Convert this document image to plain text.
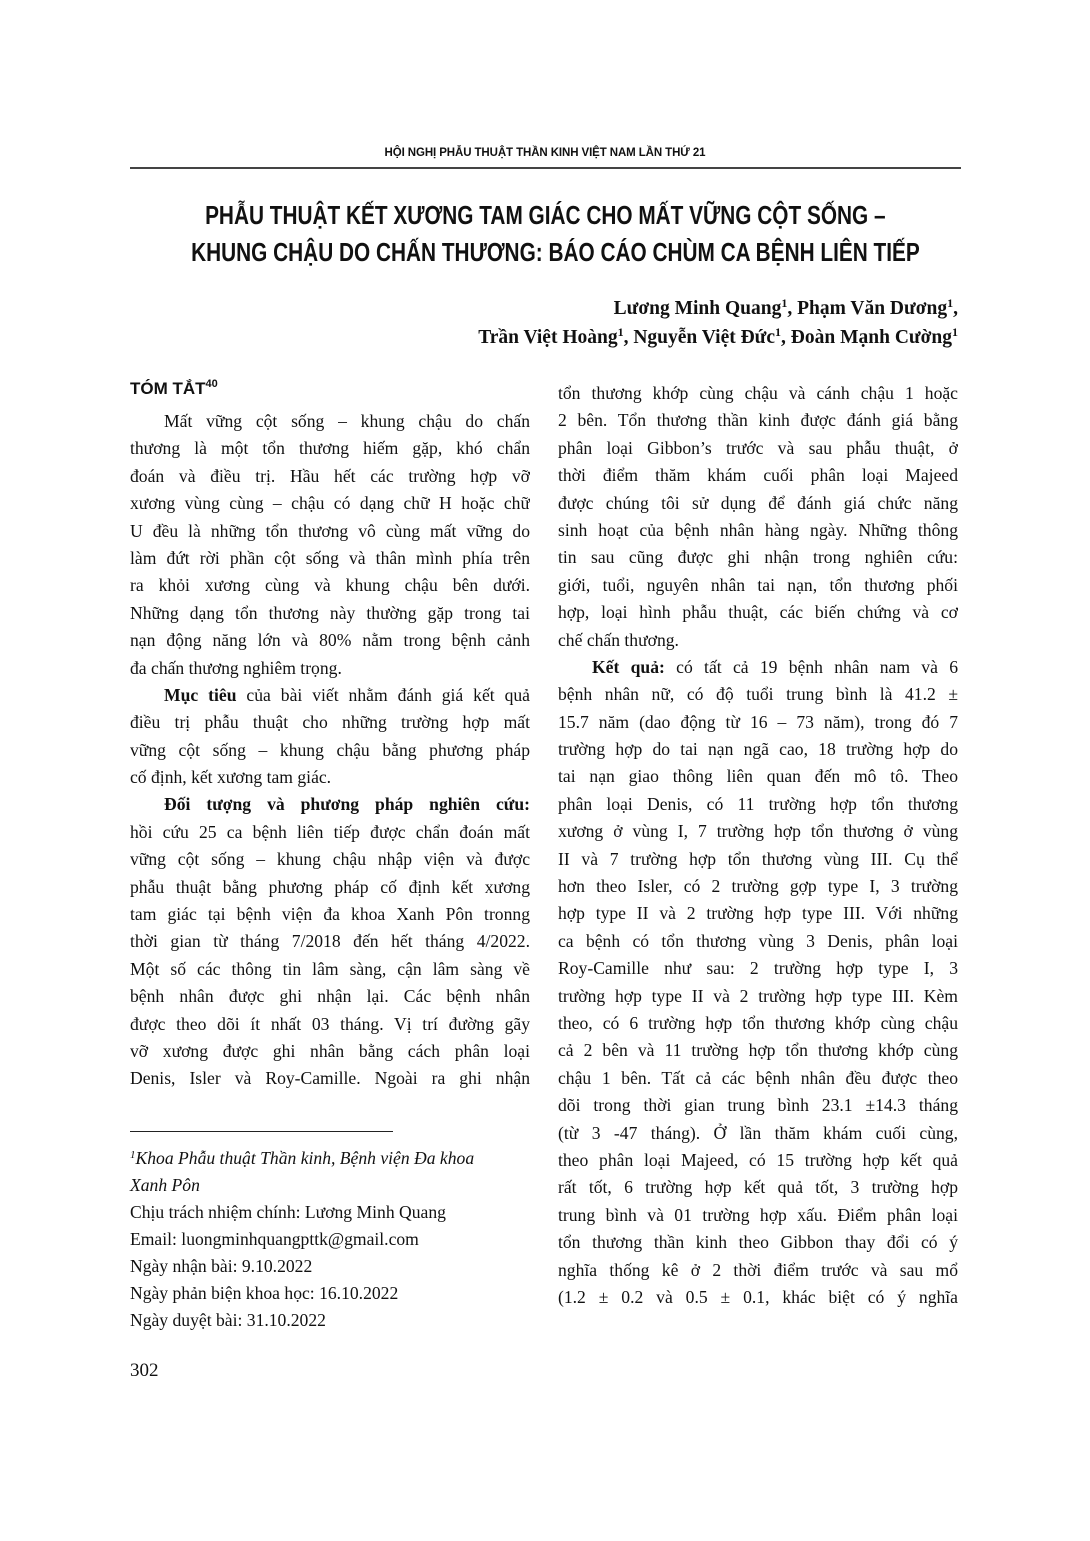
HỘI NGHỊ PHẪU THUẬT THẦN KINH VIỆT NAM LẦN THỨ 21
PHẪU THUẬT KẾT XƯƠNG TAM GIÁC CHO MẤT VỮNG CỘT SỐNG –
KHUNG CHẬU DO CHẤN THƯƠNG: BÁO CÁO CHÙM CA BỆNH LIÊN TIẾP
Lương Minh Quang$^1$, Phạm Văn Dương$^1$,
Trần Việt Hoàng$^1$, Nguyễn Việt Đức$^1$, Đoàn Mạnh Cường$^1$
TÓM TẮT$^{40}$
Mất vững cột sống – khung chậu do chấn
thương là một tổn thương hiếm gặp, khó chẩn
đoán và điều trị. Hầu hết các trường hợp vỡ
xương vùng cùng – chậu có dạng chữ H hoặc chữ
U đều là những tổn thương vô cùng mất vững do
làm đứt rời phần cột sống và thân mình phía trên
ra khỏi xương cùng và khung chậu bên dưới.
Những dạng tổn thương này thường gặp trong tai
nạn động năng lớn và 80% nằm trong bệnh cảnh
đa chấn thương nghiêm trọng.
Mục tiêu của bài viết nhằm đánh giá kết quả
điều trị phẫu thuật cho những trường hợp mất
vững cột sống – khung chậu bằng phương pháp
cố định, kết xương tam giác.
Đối tượng và phương pháp nghiên cứu:
hồi cứu 25 ca bệnh liên tiếp được chẩn đoán mất
vững cột sống – khung chậu nhập viện và được
phẫu thuật bằng phương pháp cố định kết xương
tam giác tại bệnh viện đa khoa Xanh Pôn tronng
thời gian từ tháng 7/2018 đến hết tháng 4/2022.
Một số các thông tin lâm sàng, cận lâm sàng về
bệnh nhân được ghi nhận lại. Các bệnh nhân
được theo dõi ít nhất 03 tháng. Vị trí đường gãy
vỡ xương được ghi nhân bằng cách phân loại
Denis, Isler và Roy-Camille. Ngoài ra ghi nhận
tổn thương khớp cùng chậu và cánh chậu 1 hoặc
2 bên. Tổn thương thần kinh được đánh giá bằng
phân loại Gibbon’s trước và sau phẫu thuật, ở
thời điểm thăm khám cuối phân loại Majeed
được chúng tôi sử dụng để đánh giá chức năng
sinh hoạt của bệnh nhân hàng ngày. Những thông
tin sau cũng được ghi nhận trong nghiên cứu:
giới, tuổi, nguyên nhân tai nạn, tổn thương phối
hợp, loại hình phẫu thuật, các biến chứng và cơ
chế chấn thương.
Kết quả: có tất cả 19 bệnh nhân nam và 6
bệnh nhân nữ, có độ tuổi trung bình là 41.2 ±
15.7 năm (dao động từ 16 – 73 năm), trong đó 7
trường hợp do tai nạn ngã cao, 18 trường hợp do
tai nạn giao thông liên quan đến mô tô. Theo
phân loại Denis, có 11 trường hợp tổn thương
xương ở vùng I, 7 trường hợp tổn thương ở vùng
II và 7 trường hợp tổn thương vùng III. Cụ thể
hơn theo Isler, có 2 trường gợp type I, 3 trường
hợp type II và 2 trường hợp type III. Với những
ca bệnh có tổn thương vùng 3 Denis, phân loại
Roy-Camille như sau: 2 trường hợp type I, 3
trường hợp type II và 2 trường hợp type III. Kèm
theo, có 6 trường hợp tổn thương khớp cùng chậu
cả 2 bên và 11 trường hợp tổn thương khớp cùng
chậu 1 bên. Tất cả các bệnh nhân đều được theo
dõi trong thời gian trung bình 23.1 ±14.3 tháng
(từ 3 -47 tháng). Ở lần thăm khám cuối cùng,
theo phân loại Majeed, có 15 trường hợp kết quả
rất tốt, 6 trường hợp kết quả tốt, 3 trường hợp
trung bình và 01 trường hợp xấu. Điểm phân loại
tổn thương thần kinh theo Gibbon thay đổi có ý
nghĩa thống kê ở 2 thời điểm trước và sau mổ
(1.2 ± 0.2 và 0.5 ± 0.1, khác biệt có ý nghĩa
$^1$Khoa Phẫu thuật Thần kinh, Bệnh viện Đa khoa
Xanh Pôn
Chịu trách nhiệm chính: Lương Minh Quang
Email: luongminhquangpttk@gmail.com
Ngày nhận bài: 9.10.2022
Ngày phản biện khoa học: 16.10.2022
Ngày duyệt bài: 31.10.2022
302
